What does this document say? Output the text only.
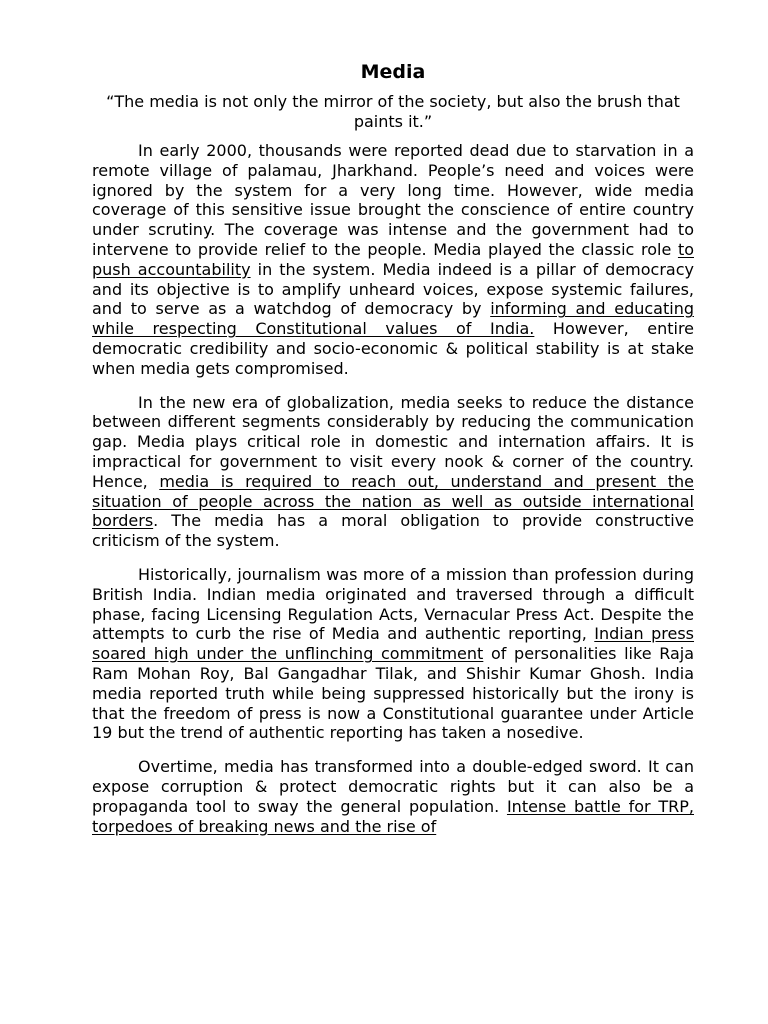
Media
“The media is not only the mirror of the society, but also the brush that paints it.”

In early 2000, thousands were reported dead due to starvation in a remote village of palamau, Jharkhand. People’s need and voices were ignored by the system for a very long time. However, wide media coverage of this sensitive issue brought the conscience of entire country under scrutiny. The coverage was intense and the government had to intervene to provide relief to the people. Media played the classic role to push accountability in the system. Media indeed is a pillar of democracy and its objective is to amplify unheard voices, expose systemic failures, and to serve as a watchdog of democracy by informing and educating while respecting Constitutional values of India. However, entire democratic credibility and socio-economic & political stability is at stake when media gets compromised.

In the new era of globalization, media seeks to reduce the distance between different segments considerably by reducing the communication gap. Media plays critical role in domestic and internation affairs. It is impractical for government to visit every nook & corner of the country. Hence, media is required to reach out, understand and present the situation of people across the nation as well as outside international borders. The media has a moral obligation to provide constructive criticism of the system.

Historically, journalism was more of a mission than profession during British India. Indian media originated and traversed through a difficult phase, facing Licensing Regulation Acts, Vernacular Press Act. Despite the attempts to curb the rise of Media and authentic reporting, Indian press soared high under the unflinching commitment of personalities like Raja Ram Mohan Roy, Bal Gangadhar Tilak, and Shishir Kumar Ghosh. India media reported truth while being suppressed historically but the irony is that the freedom of press is now a Constitutional guarantee under Article 19 but the trend of authentic reporting has taken a nosedive.

Overtime, media has transformed into a double-edged sword. It can expose corruption & protect democratic rights but it can also be a propaganda tool to sway the general population. Intense battle for TRP, torpedoes of breaking news and the rise of
